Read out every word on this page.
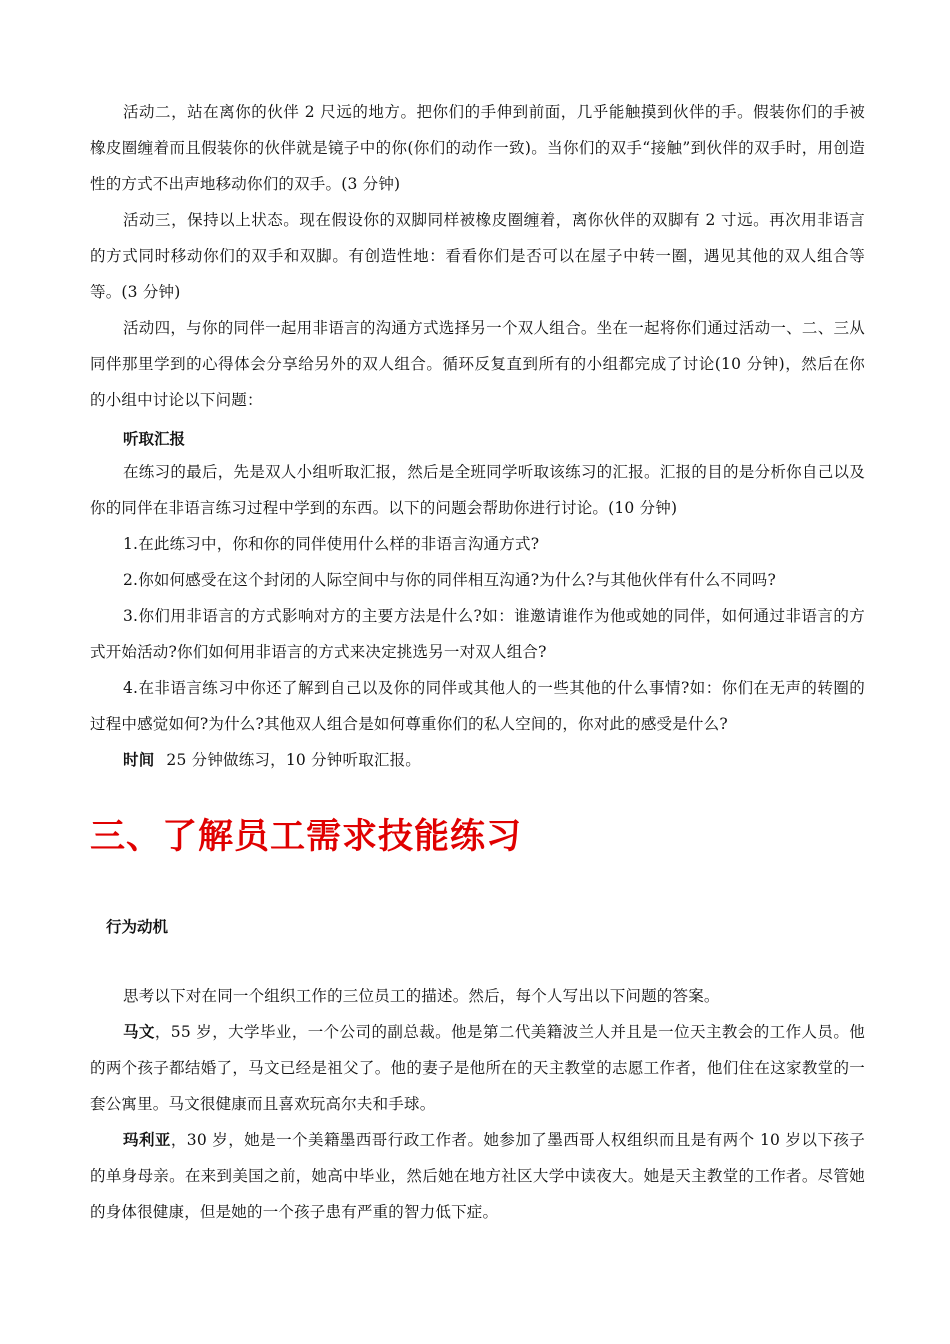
活动二，站在离你的伙伴 2 尺远的地方。把你们的手伸到前面，几乎能触摸到伙伴的手。假装你们的手被橡皮圈缠着而且假装你的伙伴就是镜子中的你(你们的动作一致)。当你们的双手“接触”到伙伴的双手时，用创造性的方式不出声地移动你们的双手。(3 分钟)

活动三，保持以上状态。现在假设你的双脚同样被橡皮圈缠着，离你伙伴的双脚有 2 寸远。再次用非语言的方式同时移动你们的双手和双脚。有创造性地：看看你们是否可以在屋子中转一圈，遇见其他的双人组合等等。(3 分钟)

活动四，与你的同伴一起用非语言的沟通方式选择另一个双人组合。坐在一起将你们通过活动一、二、三从同伴那里学到的心得体会分享给另外的双人组合。循环反复直到所有的小组都完成了讨论(10 分钟)，然后在你的小组中讨论以下问题：

听取汇报

在练习的最后，先是双人小组听取汇报，然后是全班同学听取该练习的汇报。汇报的目的是分析你自己以及你的同伴在非语言练习过程中学到的东西。以下的问题会帮助你进行讨论。(10 分钟)

1.在此练习中，你和你的同伴使用什么样的非语言沟通方式?

2.你如何感受在这个封闭的人际空间中与你的同伴相互沟通?为什么?与其他伙伴有什么不同吗?

3.你们用非语言的方式影响对方的主要方法是什么?如：谁邀请谁作为他或她的同伴，如何通过非语言的方式开始活动?你们如何用非语言的方式来决定挑选另一对双人组合?

4.在非语言练习中你还了解到自己以及你的同伴或其他人的一些其他的什么事情?如：你们在无声的转圈的过程中感觉如何?为什么?其他双人组合是如何尊重你们的私人空间的，你对此的感受是什么?

时间 25 分钟做练习，10 分钟听取汇报。

三、了解员工需求技能练习

行为动机

思考以下对在同一个组织工作的三位员工的描述。然后，每个人写出以下问题的答案。

马文，55 岁，大学毕业，一个公司的副总裁。他是第二代美籍波兰人并且是一位天主教会的工作人员。他的两个孩子都结婚了，马文已经是祖父了。他的妻子是他所在的天主教堂的志愿工作者，他们住在这家教堂的一套公寓里。马文很健康而且喜欢玩高尔夫和手球。

玛利亚，30 岁，她是一个美籍墨西哥行政工作者。她参加了墨西哥人权组织而且是有两个 10 岁以下孩子的单身母亲。在来到美国之前，她高中毕业，然后她在地方社区大学中读夜大。她是天主教堂的工作者。尽管她的身体很健康，但是她的一个孩子患有严重的智力低下症。
